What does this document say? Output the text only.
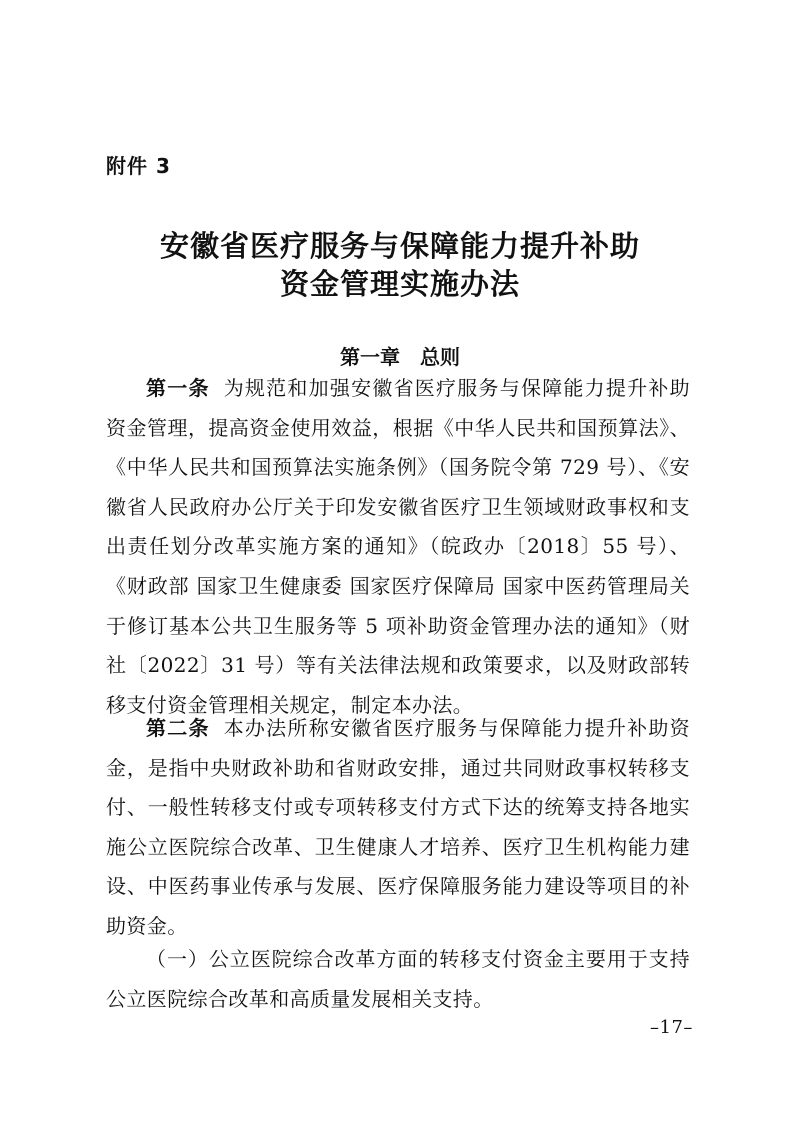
附件 3
安徽省医疗服务与保障能力提升补助
资金管理实施办法
第一章　总则

第一条 为规范和加强安徽省医疗服务与保障能力提升补助资金管理，提高资金使用效益，根据《中华人民共和国预算法》、《中华人民共和国预算法实施条例》（国务院令第 729 号）、《安徽省人民政府办公厅关于印发安徽省医疗卫生领域财政事权和支出责任划分改革实施方案的通知》（皖政办〔2018〕55 号）、《财政部 国家卫生健康委 国家医疗保障局 国家中医药管理局关于修订基本公共卫生服务等 5 项补助资金管理办法的通知》（财社〔2022〕31 号）等有关法律法规和政策要求，以及财政部转移支付资金管理相关规定，制定本办法。

第二条 本办法所称安徽省医疗服务与保障能力提升补助资金，是指中央财政补助和省财政安排，通过共同财政事权转移支付、一般性转移支付或专项转移支付方式下达的统筹支持各地实施公立医院综合改革、卫生健康人才培养、医疗卫生机构能力建设、中医药事业传承与发展、医疗保障服务能力建设等项目的补助资金。

（一）公立医院综合改革方面的转移支付资金主要用于支持公立医院综合改革和高质量发展相关支持。

–17–
